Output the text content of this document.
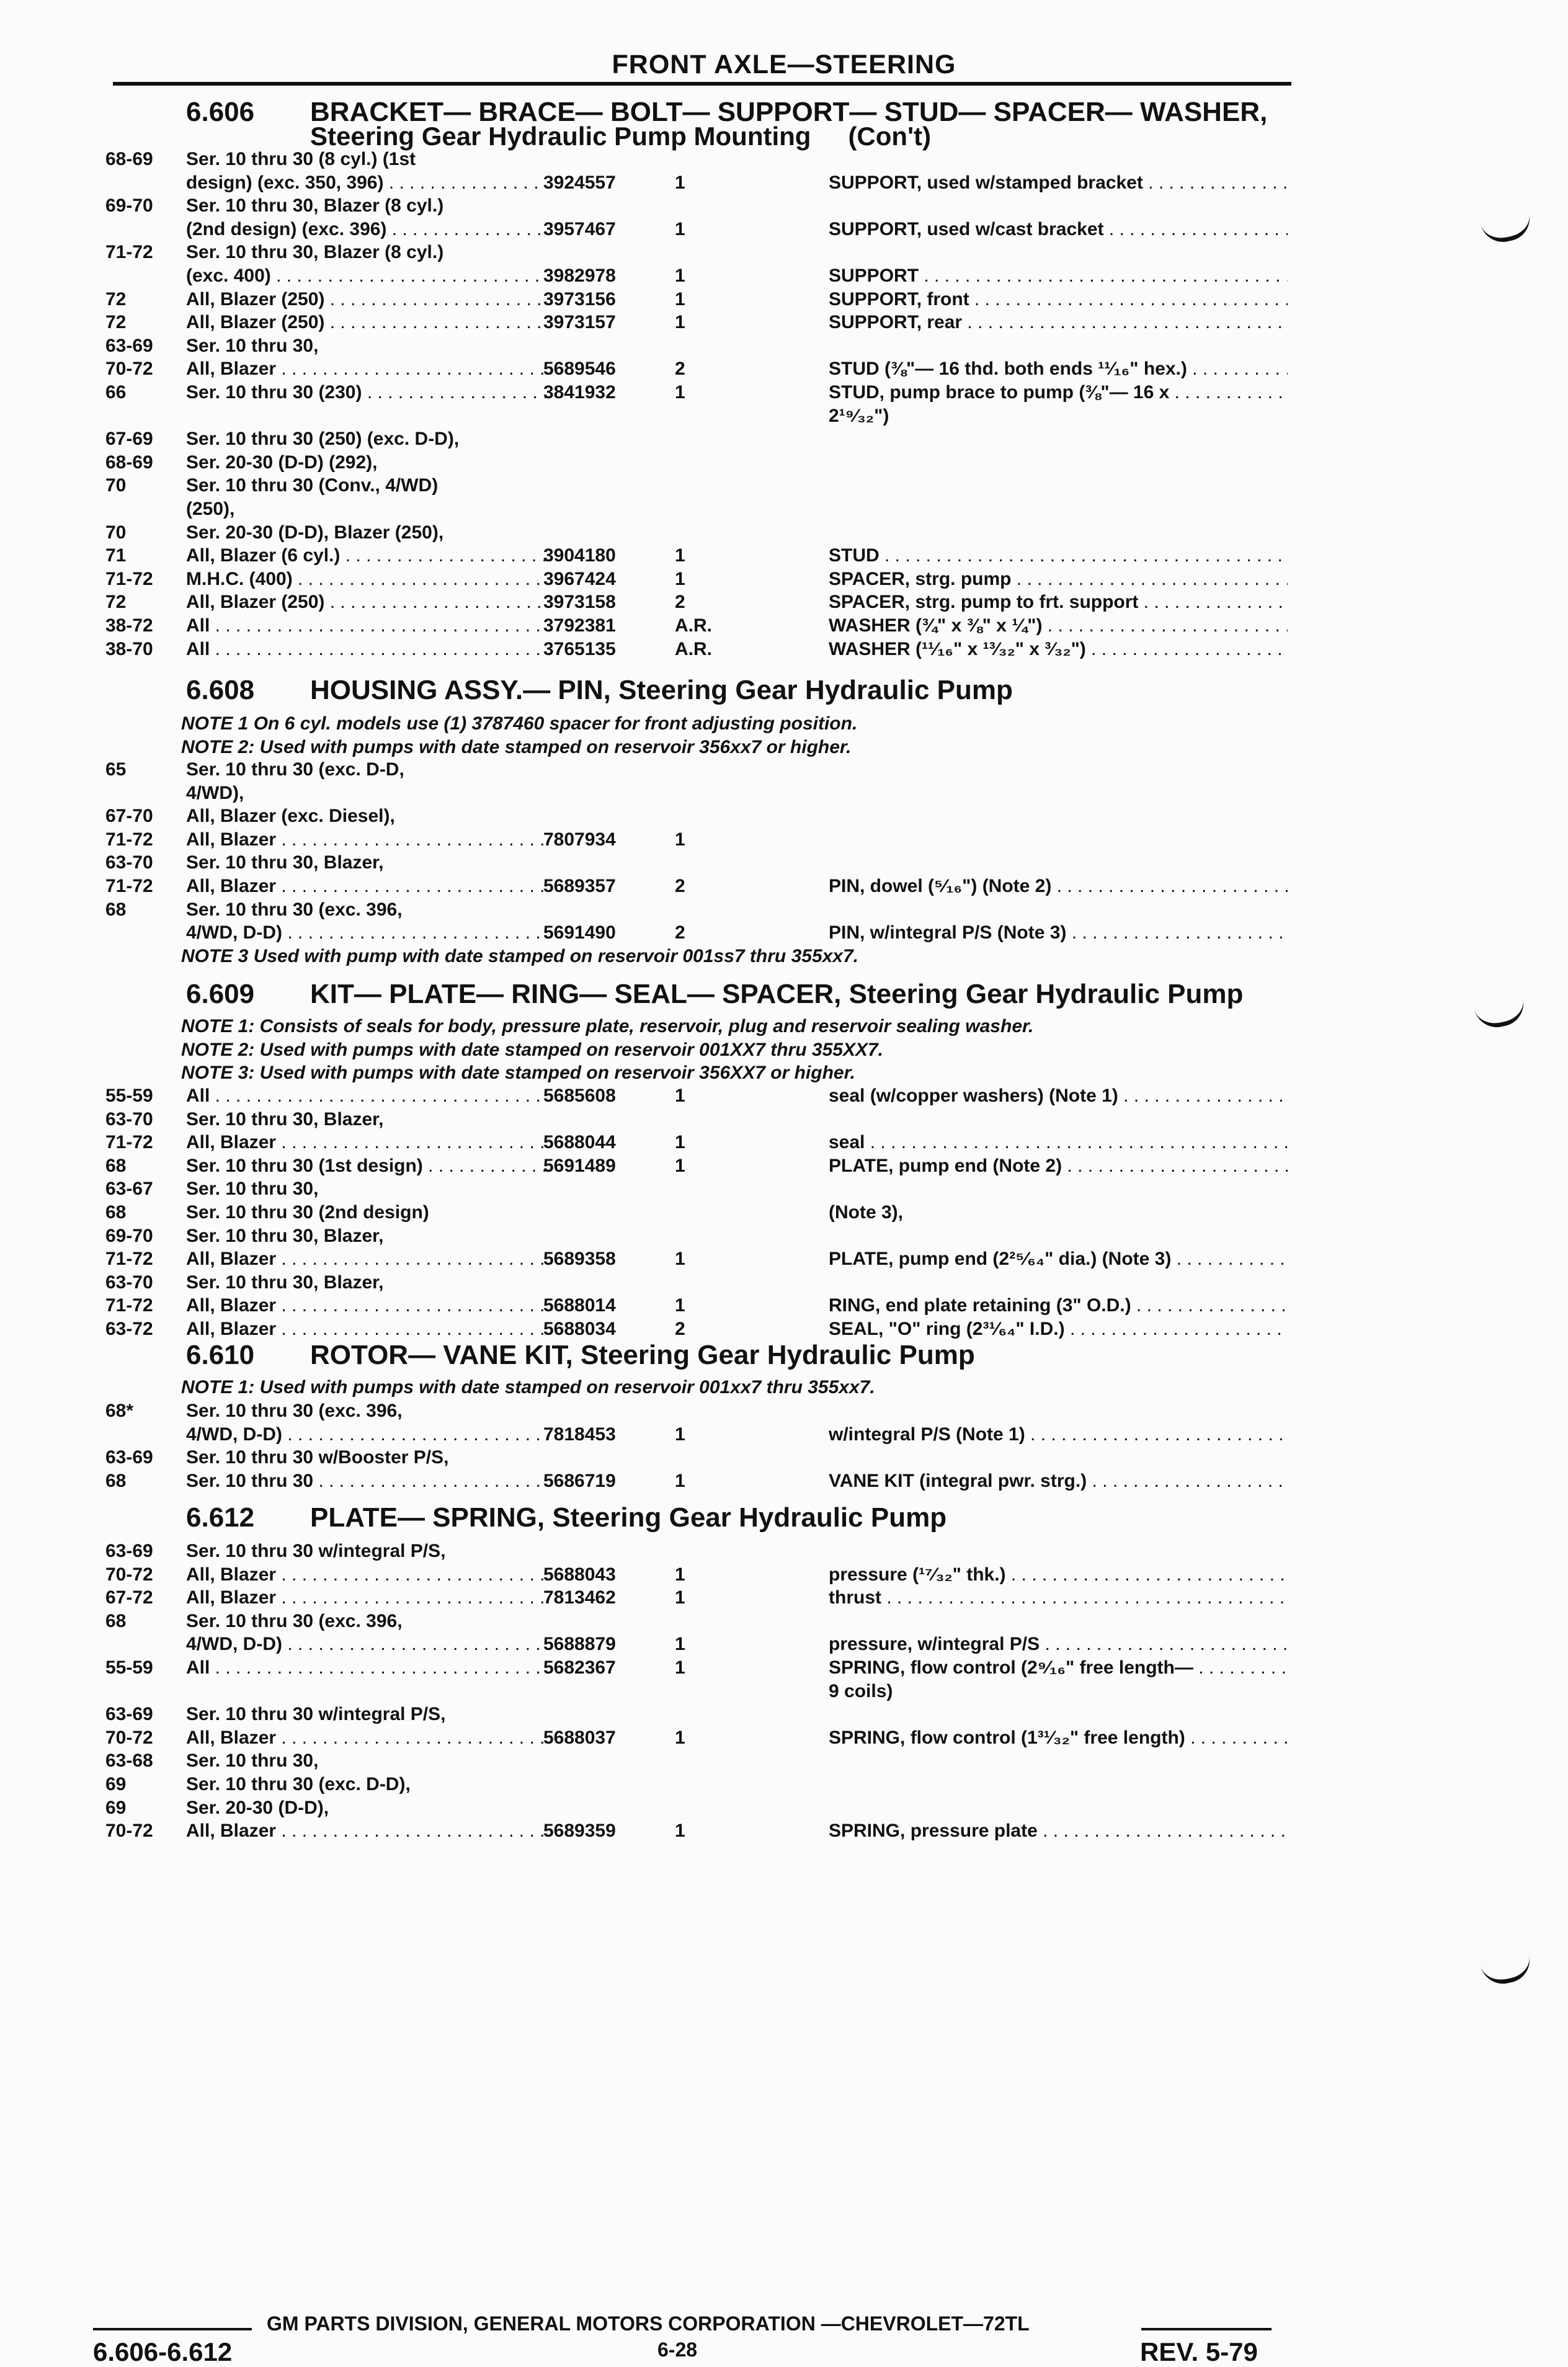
FRONT AXLE—STEERING
6.606 BRACKET— BRACE— BOLT— SUPPORT— STUD— SPACER— WASHER,
Steering Gear Hydraulic Pump Mounting (Con't)
68-69	Ser. 10 thru 30 (8 cyl.) (1st
design) (exc. 350, 396) . . .	3924557	1	SUPPORT, used w/stamped bracket . . .
69-70	Ser. 10 thru 30, Blazer (8 cyl.)
(2nd design) (exc. 396) . . .	3957467	1	SUPPORT, used w/cast bracket . . .
71-72	Ser. 10 thru 30, Blazer (8 cyl.)
(exc. 400) . . .	3982978	1	SUPPORT . . .
72	All, Blazer (250) . . .	3973156	1	SUPPORT, front . . .
72	All, Blazer (250) . . .	3973157	1	SUPPORT, rear . . .
63-69	Ser. 10 thru 30,
70-72	All, Blazer . . .	5689546	2	STUD (⅜"— 16 thd. both ends ¹¹⁄₁₆" hex.) . . .
66	Ser. 10 thru 30 (230) . . .	3841932	1	STUD, pump brace to pump (⅜"— 16 x . . .
2¹⁹⁄₃₂")
67-69	Ser. 10 thru 30 (250) (exc. D-D),
68-69	Ser. 20-30 (D-D) (292),
70	Ser. 10 thru 30 (Conv., 4/WD)
(250),
70	Ser. 20-30 (D-D), Blazer (250),
71	All, Blazer (6 cyl.) . . .	3904180	1	STUD . . .
71-72	M.H.C. (400) . . .	3967424	1	SPACER, strg. pump . . .
72	All, Blazer (250) . . .	3973158	2	SPACER, strg. pump to frt. support . . .
38-72	All . . .	3792381	A.R.	WASHER (¾" x ⅜" x ¼") . . .
38-70	All . . .	3765135	A.R.	WASHER (¹¹⁄₁₆" x ¹³⁄₃₂" x ³⁄₃₂") . . .
6.608 HOUSING ASSY.— PIN, Steering Gear Hydraulic Pump
NOTE 1 On 6 cyl. models use (1) 3787460 spacer for front adjusting position.
NOTE 2: Used with pumps with date stamped on reservoir 356xx7 or higher.
65	Ser. 10 thru 30 (exc. D-D,
4/WD),
67-70	All, Blazer (exc. Diesel),
71-72	All, Blazer . . .	7807934	1
63-70	Ser. 10 thru 30, Blazer,
71-72	All, Blazer . . .	5689357	2	PIN, dowel (⁵⁄₁₆") (Note 2) . . .
68	Ser. 10 thru 30 (exc. 396,
4/WD, D-D) . . .	5691490	2	PIN, w/integral P/S (Note 3) . . .
NOTE 3 Used with pump with date stamped on reservoir 001ss7 thru 355xx7.
6.609 KIT— PLATE— RING— SEAL— SPACER, Steering Gear Hydraulic Pump
NOTE 1: Consists of seals for body, pressure plate, reservoir, plug and reservoir sealing washer.
NOTE 2: Used with pumps with date stamped on reservoir 001XX7 thru 355XX7.
NOTE 3: Used with pumps with date stamped on reservoir 356XX7 or higher.
55-59	All . . .	5685608	1	seal (w/copper washers) (Note 1) . . .
63-70	Ser. 10 thru 30, Blazer,
71-72	All, Blazer . . .	5688044	1	seal . . .
68	Ser. 10 thru 30 (1st design) . . .	5691489	1	PLATE, pump end (Note 2) . . .
63-67	Ser. 10 thru 30,
68	Ser. 10 thru 30 (2nd design)	(Note 3),
69-70	Ser. 10 thru 30, Blazer,
71-72	All, Blazer . . .	5689358	1	PLATE, pump end (2²⁵⁄₆₄" dia.) (Note 3) . . .
63-70	Ser. 10 thru 30, Blazer,
71-72	All, Blazer . . .	5688014	1	RING, end plate retaining (3" O.D.) . . .
63-72	All, Blazer . . .	5688034	2	SEAL, "O" ring (2³¹⁄₆₄" I.D.) . . .
6.610 ROTOR— VANE KIT, Steering Gear Hydraulic Pump
NOTE 1: Used with pumps with date stamped on reservoir 001xx7 thru 355xx7.
68*	Ser. 10 thru 30 (exc. 396,
4/WD, D-D) . . .	7818453	1	w/integral P/S (Note 1) . . .
63-69	Ser. 10 thru 30 w/Booster P/S,
68	Ser. 10 thru 30 . . .	5686719	1	VANE KIT (integral pwr. strg.) . . .
6.612 PLATE— SPRING, Steering Gear Hydraulic Pump
63-69	Ser. 10 thru 30 w/integral P/S,
70-72	All, Blazer . . .	5688043	1	pressure (¹⁷⁄₃₂" thk.) . . .
67-72	All, Blazer . . .	7813462	1	thrust . . .
68	Ser. 10 thru 30 (exc. 396,
4/WD, D-D) . . .	5688879	1	pressure, w/integral P/S . . .
55-59	All . . .	5682367	1	SPRING, flow control (2⁹⁄₁₆" free length— . . .
9 coils)
63-69	Ser. 10 thru 30 w/integral P/S,
70-72	All, Blazer . . .	5688037	1	SPRING, flow control (1³¹⁄₃₂" free length) . . .
63-68	Ser. 10 thru 30,
69	Ser. 10 thru 30 (exc. D-D),
69	Ser. 20-30 (D-D),
70-72	All, Blazer . . .	5689359	1	SPRING, pressure plate . . .
GM PARTS DIVISION, GENERAL MOTORS CORPORATION —CHEVROLET—72TL
6.606-6.612	6-28	REV. 5-79
